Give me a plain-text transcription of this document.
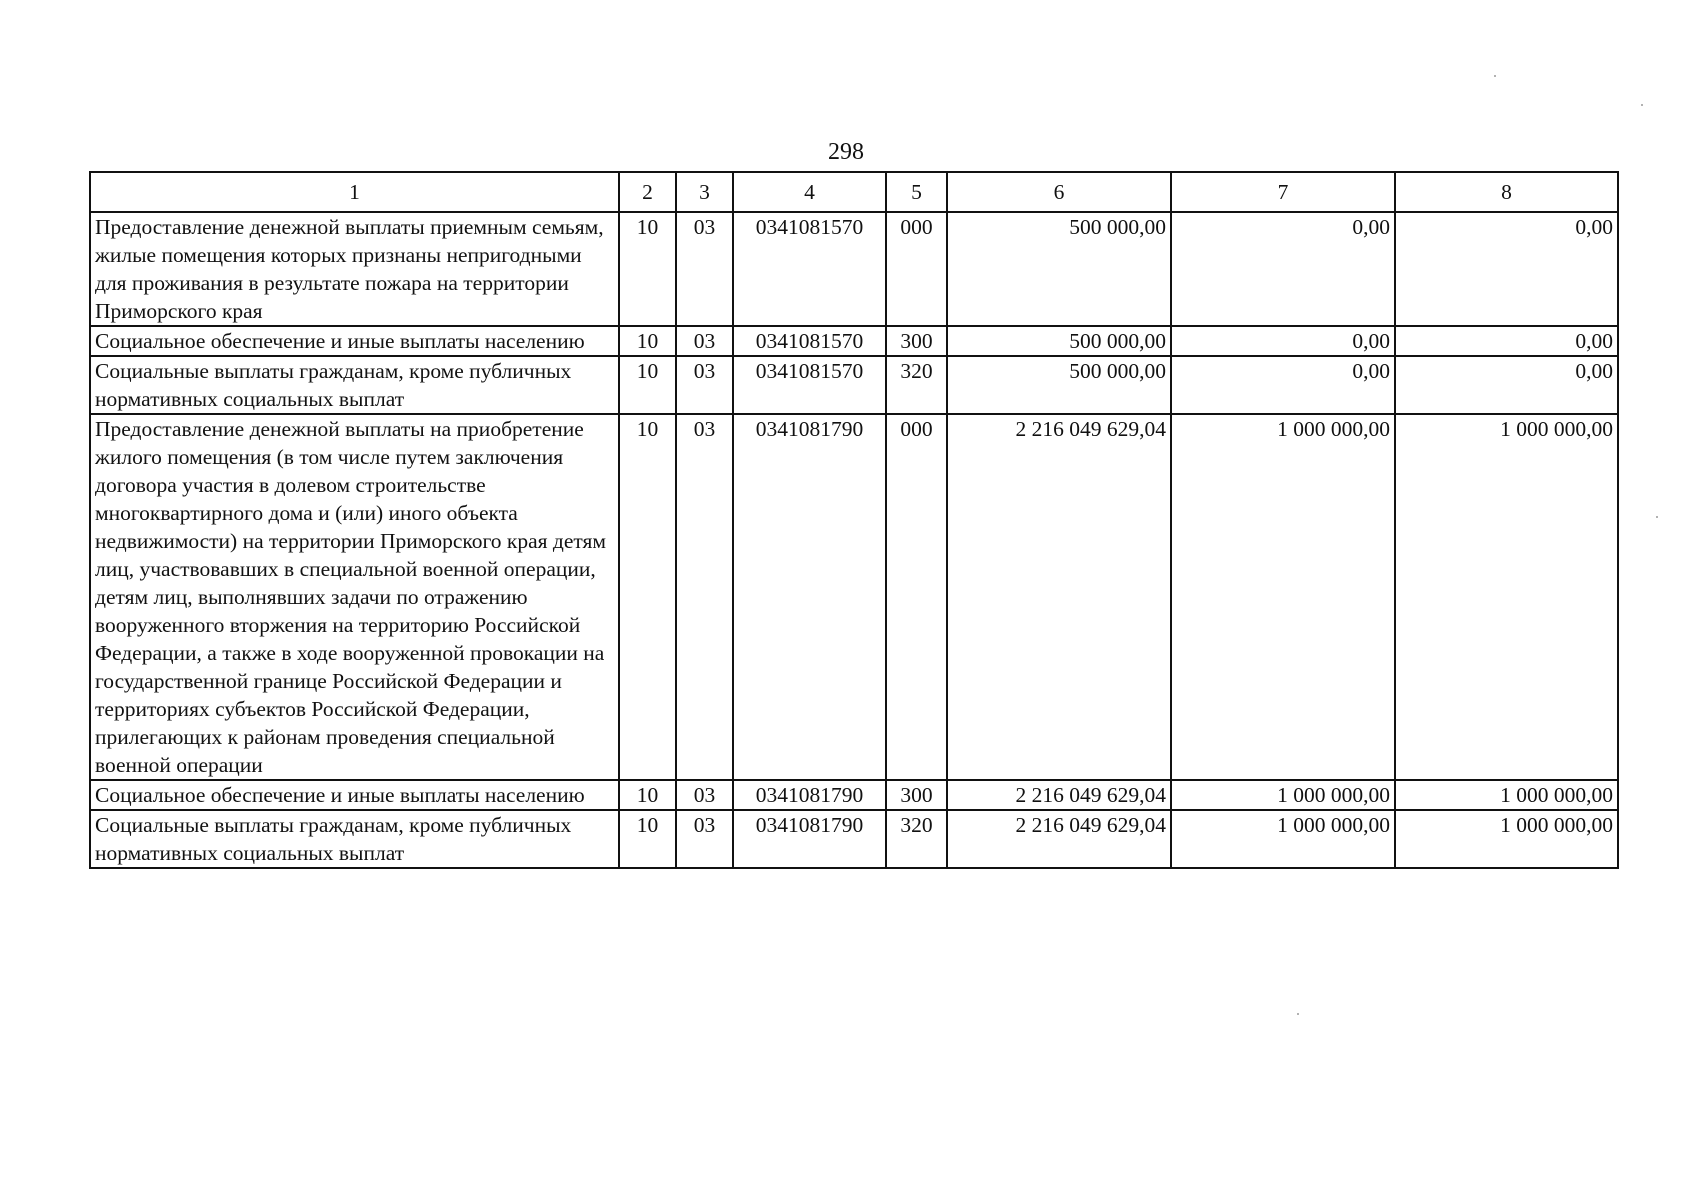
298
1	2	3	4	5	6	7	8
Предоставление денежной выплаты приемным семьям, жилые помещения которых признаны непригодными для проживания в результате пожара на территории Приморского края	10	03	0341081570	000	500 000,00	0,00	0,00
Социальное обеспечение и иные выплаты населению	10	03	0341081570	300	500 000,00	0,00	0,00
Социальные выплаты гражданам, кроме публичных нормативных социальных выплат	10	03	0341081570	320	500 000,00	0,00	0,00
Предоставление денежной выплаты на приобретение жилого помещения (в том числе путем заключения договора участия в долевом строительстве многоквартирного дома и (или) иного объекта недвижимости) на территории Приморского края детям лиц, участвовавших в специальной военной операции, детям лиц, выполнявших задачи по отражению вооруженного вторжения на территорию Российской Федерации, а также в ходе вооруженной провокации на государственной границе Российской Федерации и территориях субъектов Российской Федерации, прилегающих к районам проведения специальной военной операции	10	03	0341081790	000	2 216 049 629,04	1 000 000,00	1 000 000,00
Социальное обеспечение и иные выплаты населению	10	03	0341081790	300	2 216 049 629,04	1 000 000,00	1 000 000,00
Социальные выплаты гражданам, кроме публичных нормативных социальных выплат	10	03	0341081790	320	2 216 049 629,04	1 000 000,00	1 000 000,00
